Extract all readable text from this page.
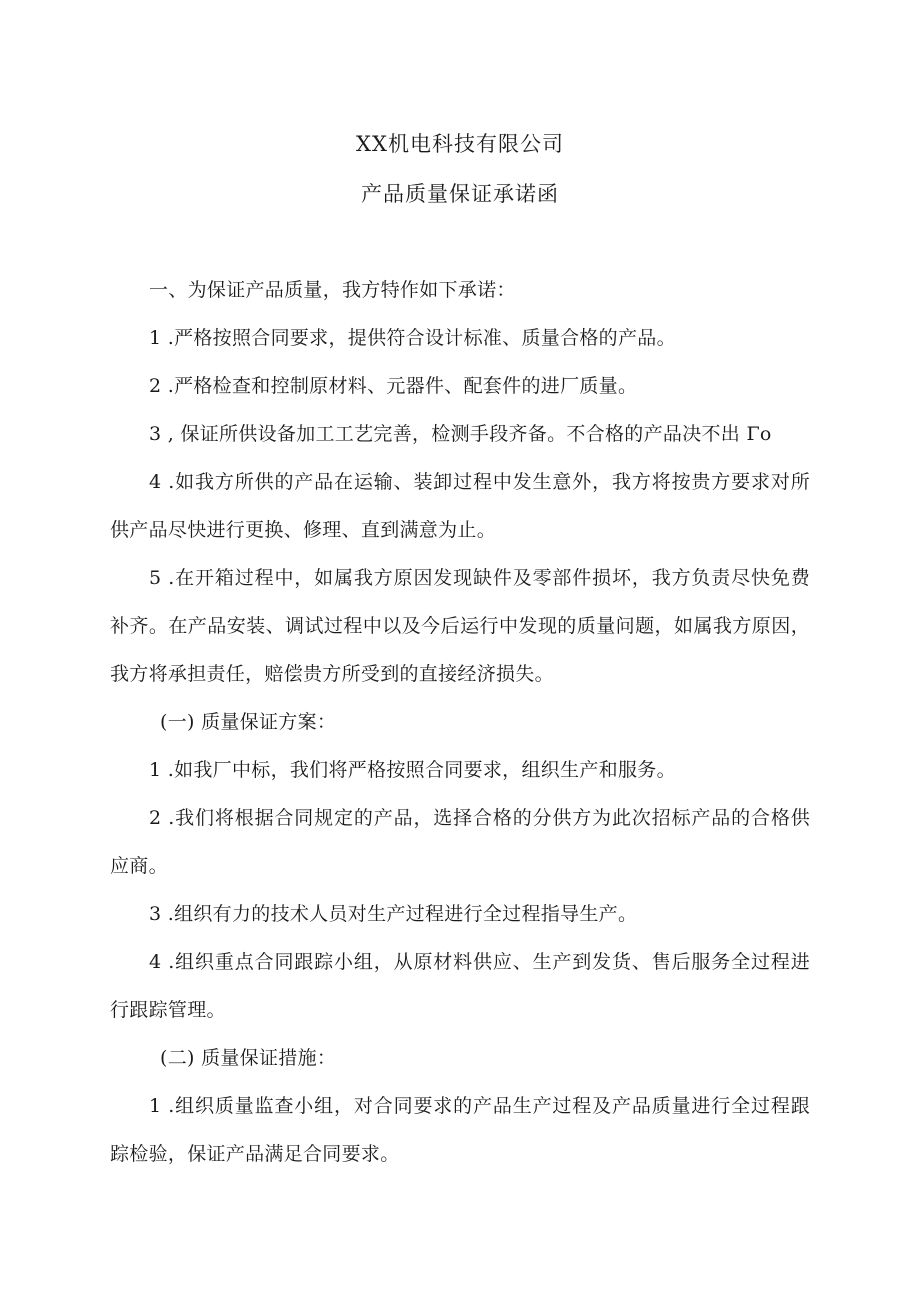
XX机电科技有限公司
产品质量保证承诺函
一、为保证产品质量，我方特作如下承诺：
1 .严格按照合同要求，提供符合设计标准、质量合格的产品。
2 .严格检查和控制原材料、元器件、配套件的进厂质量。
3 , 保证所供设备加工工艺完善，检测手段齐备。不合格的产品决不出 Γo
4 .如我方所供的产品在运输、装卸过程中发生意外，我方将按贵方要求对所供产品尽快进行更换、修理、直到满意为止。
5 .在开箱过程中，如属我方原因发现缺件及零部件损坏，我方负责尽快免费补齐。在产品安装、调试过程中以及今后运行中发现的质量问题，如属我方原因，我方将承担责任，赔偿贵方所受到的直接经济损失。
(一) 质量保证方案：
1 .如我厂中标，我们将严格按照合同要求，组织生产和服务。
2 .我们将根据合同规定的产品，选择合格的分供方为此次招标产品的合格供应商。
3 .组织有力的技术人员对生产过程进行全过程指导生产。
4 .组织重点合同跟踪小组，从原材料供应、生产到发货、售后服务全过程进行跟踪管理。
(二) 质量保证措施：
1 .组织质量监查小组，对合同要求的产品生产过程及产品质量进行全过程跟踪检验，保证产品满足合同要求。
